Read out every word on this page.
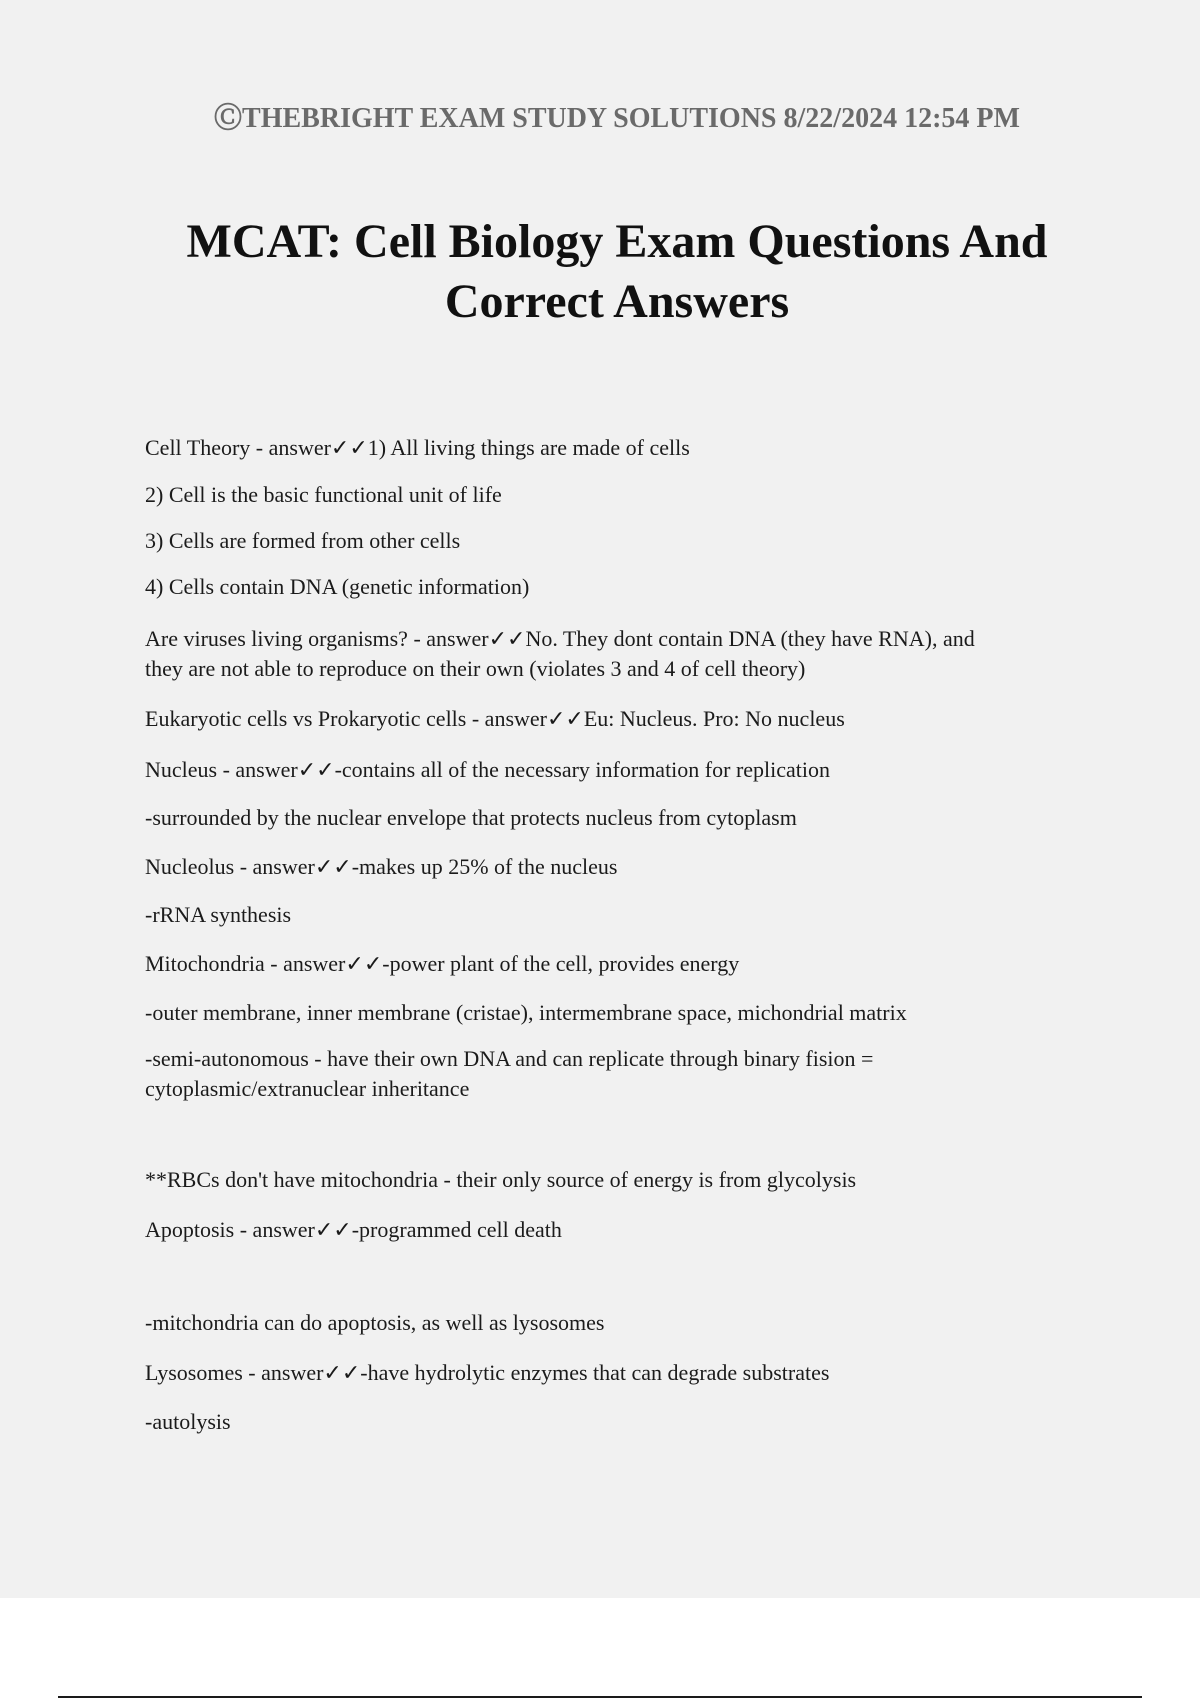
ⒸTHEBRIGHT EXAM STUDY SOLUTIONS 8/22/2024 12:54 PM
MCAT: Cell Biology Exam Questions And
Correct Answers
Cell Theory - answer✓✓1) All living things are made of cells
2) Cell is the basic functional unit of life
3) Cells are formed from other cells
4) Cells contain DNA (genetic information)
Are viruses living organisms? - answer✓✓No. They dont contain DNA (they have RNA), and
they are not able to reproduce on their own (violates 3 and 4 of cell theory)
Eukaryotic cells vs Prokaryotic cells - answer✓✓Eu: Nucleus. Pro: No nucleus
Nucleus - answer✓✓-contains all of the necessary information for replication
-surrounded by the nuclear envelope that protects nucleus from cytoplasm
Nucleolus - answer✓✓-makes up 25% of the nucleus
-rRNA synthesis
Mitochondria - answer✓✓-power plant of the cell, provides energy
-outer membrane, inner membrane (cristae), intermembrane space, michondrial matrix
-semi-autonomous - have their own DNA and can replicate through binary fision =
cytoplasmic/extranuclear inheritance
**RBCs don't have mitochondria - their only source of energy is from glycolysis
Apoptosis - answer✓✓-programmed cell death
-mitchondria can do apoptosis, as well as lysosomes
Lysosomes - answer✓✓-have hydrolytic enzymes that can degrade substrates
-autolysis
